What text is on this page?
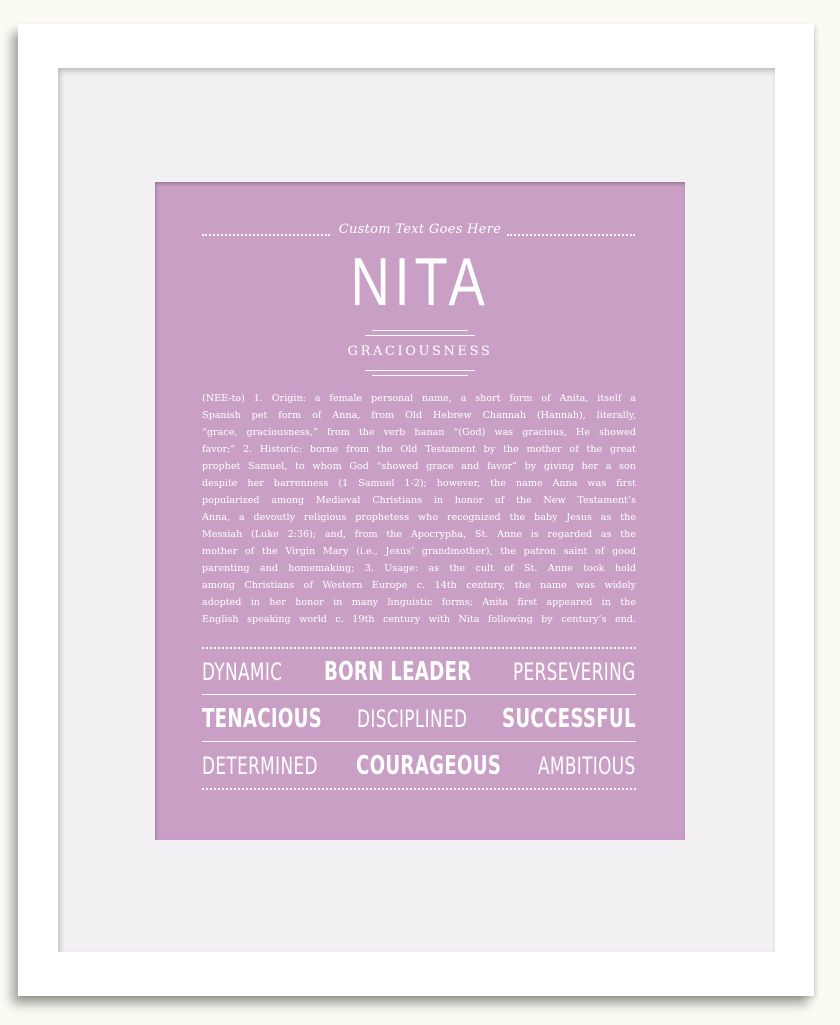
Custom Text Goes Here
NITA
GRACIOUSNESS
(NEE-tə) 1. Origin: a female personal name, a short form of Anita, itself a
Spanish pet form of Anna, from Old Hebrew Channah (Hannah), literally,
“grace, graciousness,” from the verb hanan “(God) was gracious, He showed
favor;” 2. Historic: borne from the Old Testament by the mother of the great
prophet Samuel, to whom God “showed grace and favor” by giving her a son
despite her barrenness (1 Samuel 1-2); however, the name Anna was first
popularized among Medieval Christians in honor of the New Testament’s
Anna, a devoutly religious prophetess who recognized the baby Jesus as the
Messiah (Luke 2:36); and, from the Apocrypha, St. Anne is regarded as the
mother of the Virgin Mary (i.e., Jesus’ grandmother), the patron saint of good
parenting and homemaking; 3. Usage: as the cult of St. Anne took hold
among Christians of Western Europe c. 14th century, the name was widely
adopted in her honor in many linguistic forms; Anita first appeared in the
English speaking world c. 19th century with Nita following by century’s end.
DYNAMIC BORN LEADER PERSEVERING
TENACIOUS DISCIPLINED SUCCESSFUL
DETERMINED COURAGEOUS AMBITIOUS
